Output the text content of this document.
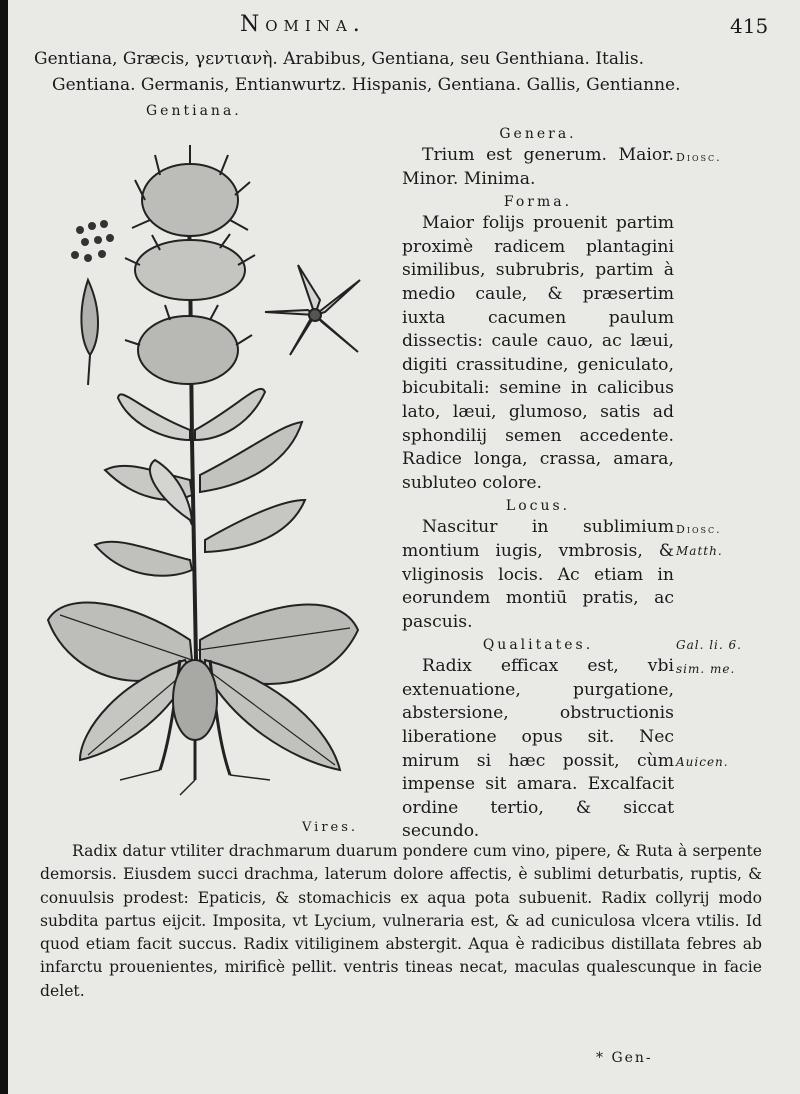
Nomina.	415
Gentiana, Græcis, γεντιανὴ. Arabibus, Gentiana, seu Genthiana. Italis.
Gentiana. Germanis, Entianwurtz. Hispanis, Gentiana. Gallis, Gentianne.
Gentiana.
Genera.

Trium est generum. Maior. Minor. Minima.

Forma.

Maior folijs prouenit partim proximè radicem plantagini similibus, subrubris, partim à medio caule, & præsertim iuxta cacumen paulum dissectis: caule cauo, ac læui, digiti crassitudine, geniculato, bicubitali: semine in calicibus lato, læui, glumoso, satis ad sphondilij semen accedente. Radice longa, crassa, amara, subluteo colore.

Locus.

Nascitur in sublimium montium iugis, vmbrosis, & vliginosis locis. Ac etiam in eorundem montiū pratis, ac pascuis.

Qualitates.

Radix efficax est, vbi extenuatione, purgatione, abstersione, obstructionis liberatione opus sit. Nec mirum si hæc possit, cùm impense sit amara. Excalfacit ordine tertio, & siccat secundo.

Diosc.
Diosc.
Matth.
Gal. li. 6.
sim. me.
Auicen.
Vires.
Radix datur vtiliter drachmarum duarum pondere cum vino, pipere, & Ruta à serpente demorsis. Eiusdem succi drachma, laterum dolore affectis, è sublimi deturbatis, ruptis, & conuulsis prodest: Epaticis, & stomachicis ex aqua pota subuenit. Radix collyrij modo subdita partus eijcit. Imposita, vt Lycium, vulneraria est, & ad cuniculosa vlcera vtilis. Id quod etiam facit succus. Radix vitiliginem abstergit. Aqua è radicibus distillata febres ab infarctu prouenientes, mirificè pellit. ventris tineas necat, maculas qualescunque in facie delet.
* Gen-
